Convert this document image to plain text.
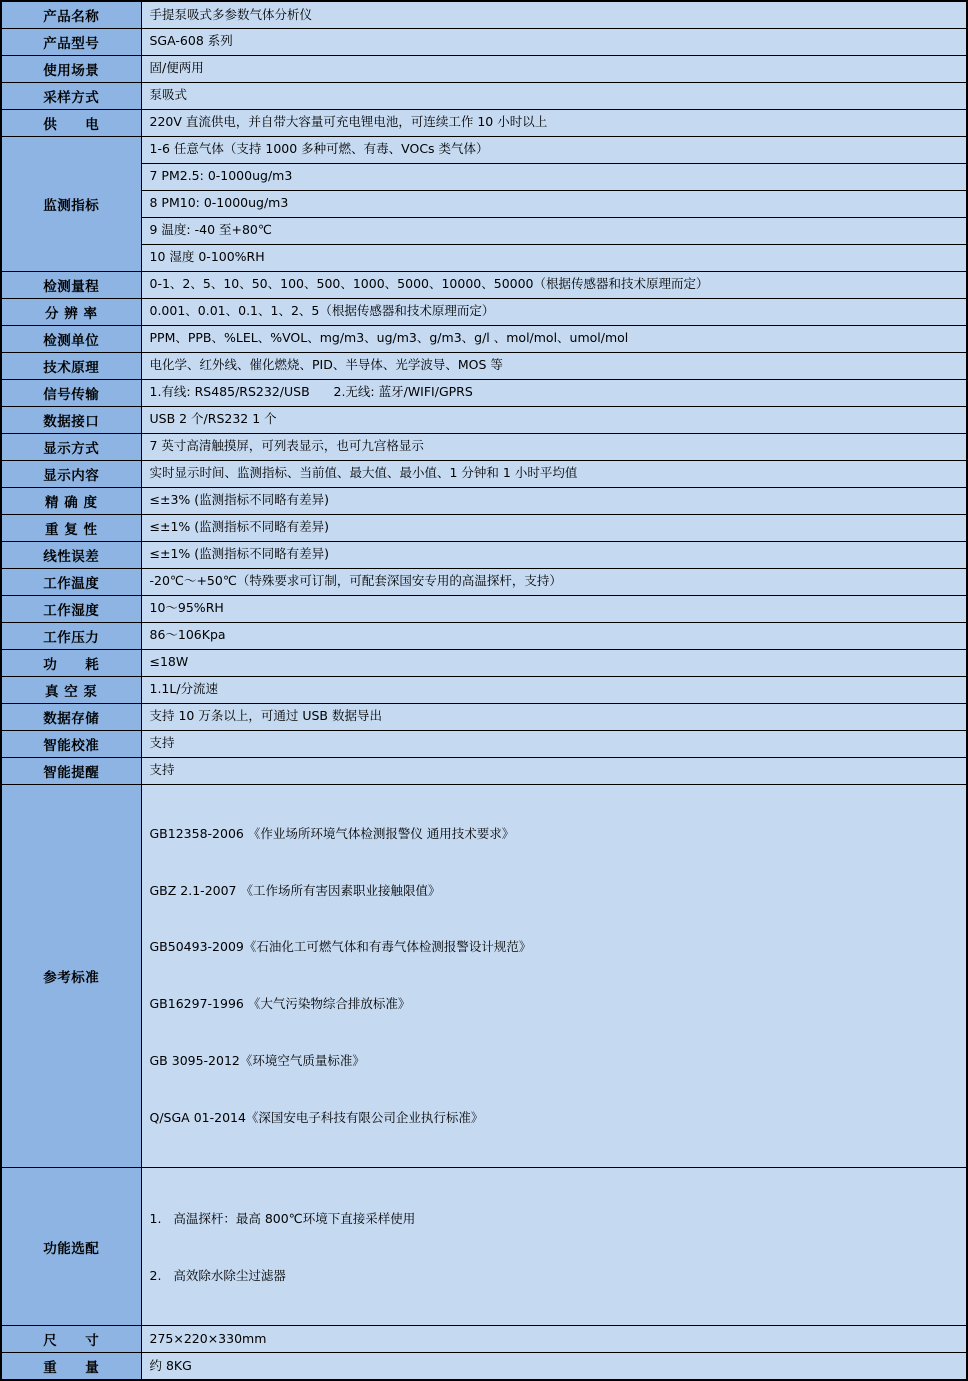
产品名称	手提泵吸式多参数气体分析仪
产品型号	SGA-608 系列
使用场景	固/便两用
采样方式	泵吸式
供　　电	220V 直流供电，并自带大容量可充电锂电池，可连续工作 10 小时以上
监测指标	1-6 任意气体（支持 1000 多种可燃、有毒、VOCs 类气体）
	7 PM2.5: 0-1000ug/m3
	8 PM10: 0-1000ug/m3
	9 温度: -40 至+80℃
	10 湿度 0-100%RH
检测量程	0-1、2、5、10、50、100、500、1000、5000、10000、50000（根据传感器和技术原理而定）
分 辨 率	0.001、0.01、0.1、1、2、5（根据传感器和技术原理而定）
检测单位	PPM、PPB、%LEL、%VOL、mg/m3、ug/m3、g/m3、g/l 、mol/mol、umol/mol
技术原理	电化学、红外线、催化燃烧、PID、半导体、光学波导、MOS 等
信号传输	1.有线: RS485/RS232/USB      2.无线: 蓝牙/WIFI/GPRS
数据接口	USB 2 个/RS232 1 个
显示方式	7 英寸高清触摸屏，可列表显示，也可九宫格显示
显示内容	实时显示时间、监测指标、当前值、最大值、最小值、1 分钟和 1 小时平均值
精 确 度	≤±3% (监测指标不同略有差异)
重 复 性	≤±1% (监测指标不同略有差异)
线性误差	≤±1% (监测指标不同略有差异)
工作温度	-20℃～+50℃（特殊要求可订制，可配套深国安专用的高温探杆，支持）
工作湿度	10～95%RH
工作压力	86～106Kpa
功　　耗	≤18W
真 空 泵	1.1L/分流速
数据存储	支持 10 万条以上，可通过 USB 数据导出
智能校准	支持
智能提醒	支持
参考标准	

GB12358-2006 《作业场所环境气体检测报警仪 通用技术要求》

GBZ 2.1-2007 《工作场所有害因素职业接触限值》

GB50493-2009《石油化工可燃气体和有毒气体检测报警设计规范》

GB16297-1996 《大气污染物综合排放标准》

GB 3095-2012《环境空气质量标准》

Q/SGA 01-2014《深国安电子科技有限公司企业执行标准》

功能选配	1.   高温探杆：最高 800℃环境下直接采样使用

2.   高效除水除尘过滤器

尺　　寸	275×220×330mm
重　　量	约 8KG
